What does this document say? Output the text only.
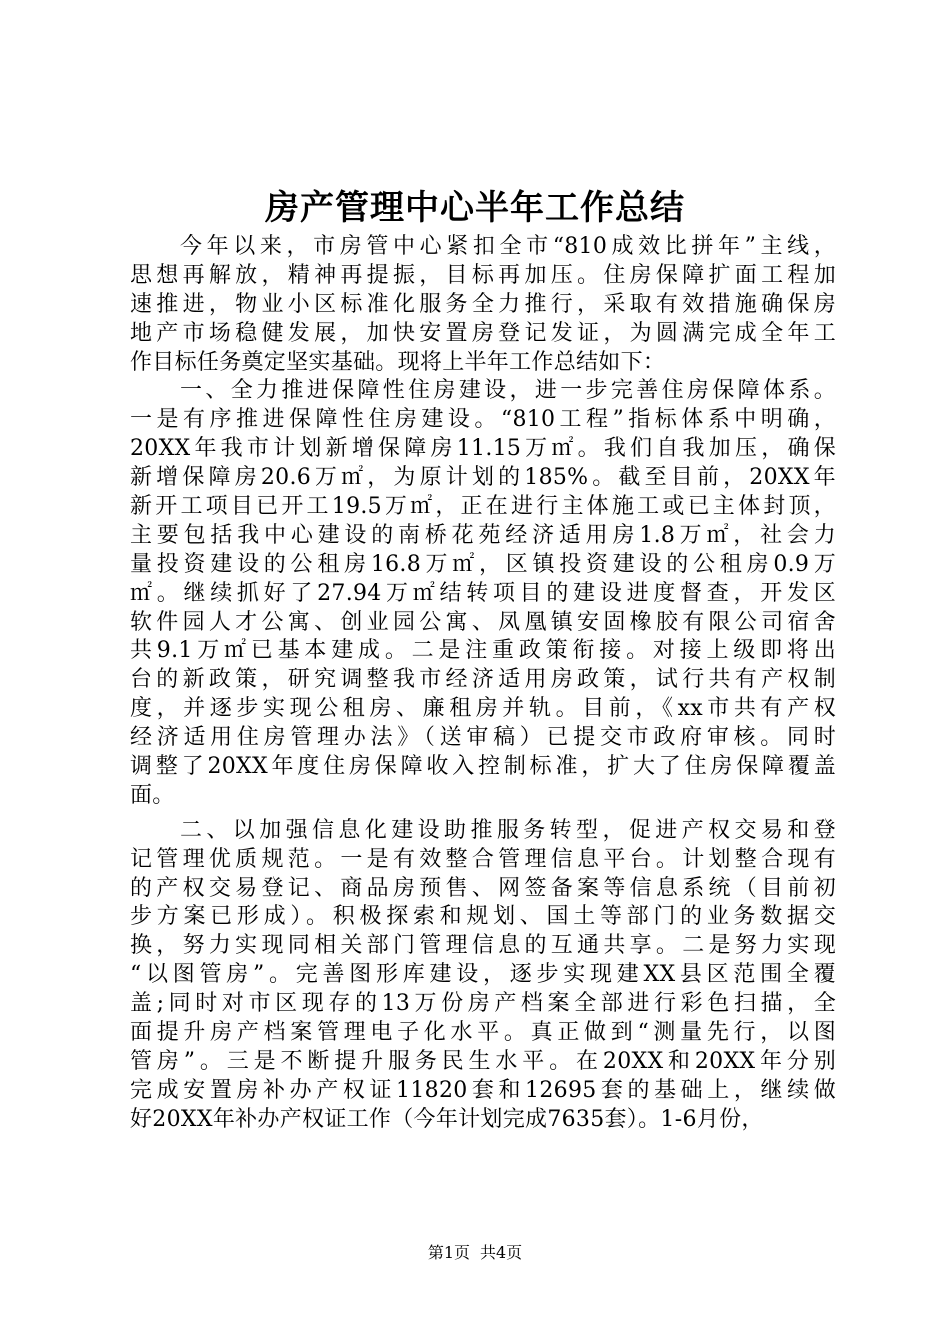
房产管理中心半年工作总结
今年以来，市房管中心紧扣全市“810成效比拼年”主线，
思想再解放，精神再提振，目标再加压。住房保障扩面工程加
速推进，物业小区标准化服务全力推行，采取有效措施确保房
地产市场稳健发展，加快安置房登记发证，为圆满完成全年工
作目标任务奠定坚实基础。现将上半年工作总结如下：
一、全力推进保障性住房建设，进一步完善住房保障体系。
一是有序推进保障性住房建设。“810工程”指标体系中明确，
20XX年我市计划新增保障房11.15万㎡。我们自我加压，确保
新增保障房20.6万㎡，为原计划的185%。截至目前，20XX年
新开工项目已开工19.5万㎡，正在进行主体施工或已主体封顶，
主要包括我中心建设的南桥花苑经济适用房1.8万㎡，社会力
量投资建设的公租房16.8万㎡，区镇投资建设的公租房0.9万
㎡。继续抓好了27.94万㎡结转项目的建设进度督查，开发区
软件园人才公寓、创业园公寓、凤凰镇安固橡胶有限公司宿舍
共9.1万㎡已基本建成。二是注重政策衔接。对接上级即将出
台的新政策，研究调整我市经济适用房政策，试行共有产权制
度，并逐步实现公租房、廉租房并轨。目前，《xx市共有产权
经济适用住房管理办法》（送审稿）已提交市政府审核。同时
调整了20XX年度住房保障收入控制标准，扩大了住房保障覆盖
面。
二、以加强信息化建设助推服务转型，促进产权交易和登
记管理优质规范。一是有效整合管理信息平台。计划整合现有
的产权交易登记、商品房预售、网签备案等信息系统（目前初
步方案已形成）。积极探索和规划、国土等部门的业务数据交
换，努力实现同相关部门管理信息的互通共享。二是努力实现
“以图管房”。完善图形库建设，逐步实现建XX县区范围全覆
盖;同时对市区现存的13万份房产档案全部进行彩色扫描，全
面提升房产档案管理电子化水平。真正做到“测量先行，以图
管房”。三是不断提升服务民生水平。在20XX和20XX年分别
完成安置房补办产权证11820套和12695套的基础上，继续做
好20XX年补办产权证工作（今年计划完成7635套）。1-6月份，
第1页 共4页
